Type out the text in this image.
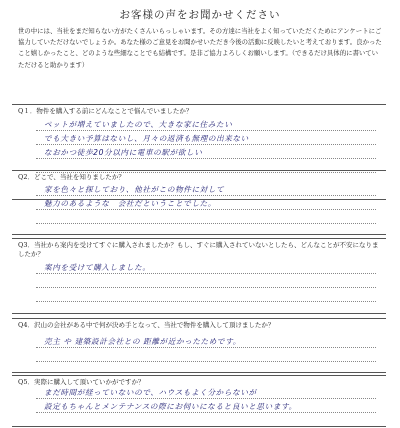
お客様の声をお聞かせください
世の中には、当社をまだ知らない方がたくさんいらっしゃいます。その方達に当社をよく知っていただくためにアンケートにご協力していただけないでしょうか。あなた様のご意見をお聞かせいただき今後の活動に反映したいと考えております。良かったこと嬉しかったこと、どのような些細なことでも結構です。是非ご協力よろしくお願いします。（できるだけ具体的に書いていただけると助かります）
Q１．物件を購入する前にどんなことで悩んでいましたか？
ペットが増えていましたので、大きな家に住みたい
でも大きい予算はないし、月々の返済も無理の出来ない
なおかつ徒歩20分以内に電車の駅が欲しい
Q2．どこで、当社を知りましたか？
家を色々と探しており、他社がこの物件に対して
魅力のあるような　会社だということでした。
Q3．当社から案内を受けてすぐに購入されましたか？もし、すぐに購入されていないとしたら、どんなことが不安になりましたか？
案内を受けて購入しました。
Q4．沢山の会社がある中で何が決め手となって、当社で物件を購入して頂けましたか？
売主 や 建築設計会社との 距離が近かったためです。
Q5．実際に購入して頂いていかがですか？
まだ時間が経っていないので、ハウスもよく分からないが
設定もちゃんとメンテナンスの際にお伺いになると良いと思います。
